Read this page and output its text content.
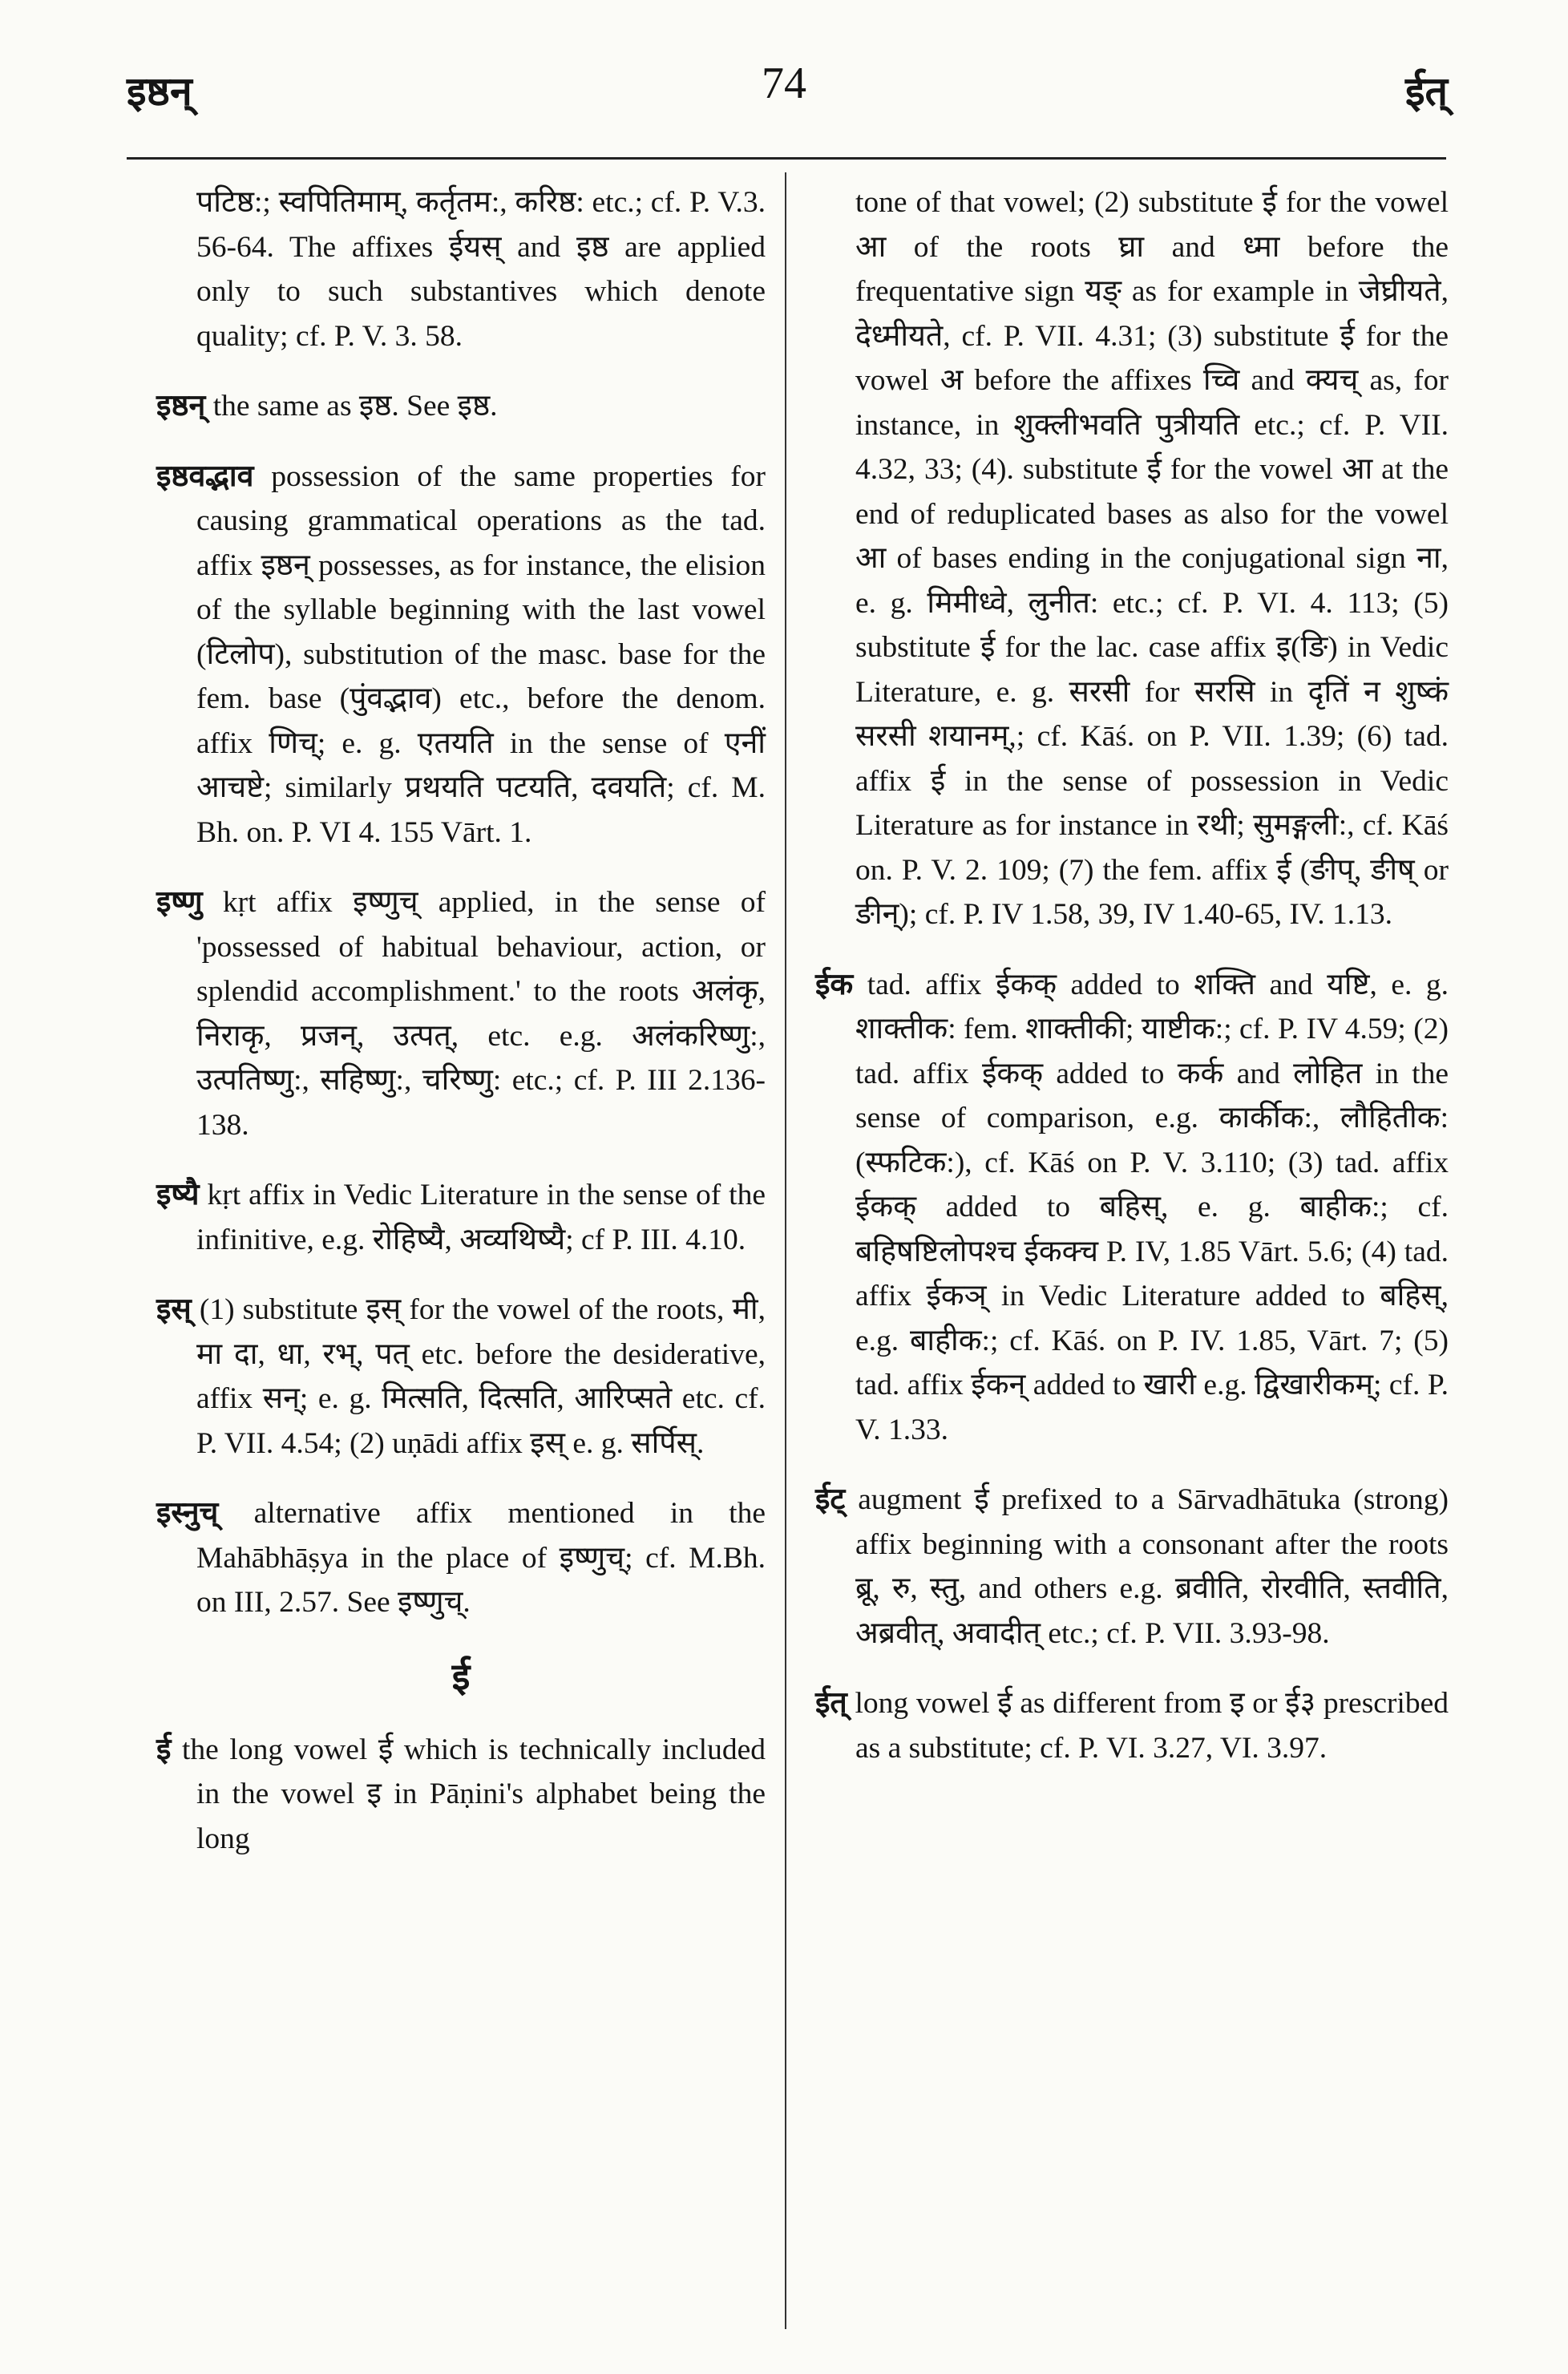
इष्ठन्	74	ईत्

पटिष्ठ:; स्वपितिमाम्, कर्तृतम:, करिष्ठ: etc.; cf. P. V.3. 56-64. The affixes ईयस् and इष्ठ are applied only to such substantives which denote quality; cf. P. V. 3. 58.

इष्ठन् the same as इष्ठ. See इष्ठ.

इष्ठवद्भाव possession of the same properties for causing grammatical operations as the tad. affix इष्ठन् possesses, as for instance, the elision of the syllable beginning with the last vowel (टिलोप), substitution of the masc. base for the fem. base (पुंवद्भाव) etc., before the denom. affix णिच्; e. g. एतयति in the sense of एनीं आचष्टे; similarly प्रथयति पटयति, दवयति; cf. M. Bh. on. P. VI 4. 155 Vārt. 1.

इष्णु kṛt affix इष्णुच् applied, in the sense of 'possessed of habitual behaviour, action, or splendid accomplishment.' to the roots अलंकृ, निराकृ, प्रजन्, उत्पत्, etc. e.g. अलंकरिष्णु:, उत्पतिष्णु:, सहिष्णु:, चरिष्णु: etc.; cf. P. III 2.136-138.

इष्यै kṛt affix in Vedic Literature in the sense of the infinitive, e.g. रोहिष्यै, अव्यथिष्यै; cf P. III. 4.10.

इस् (1) substitute इस् for the vowel of the roots, मी, मा दा, धा, रभ्, पत् etc. before the desiderative, affix सन्; e. g. मित्सति, दित्सति, आरिप्सते etc. cf. P. VII. 4.54; (2) uṇādi affix इस् e. g. सर्पिस्.

इस्नुच् alternative affix mentioned in the Mahābhāṣya in the place of इष्णुच्; cf. M.Bh. on III, 2.57. See इष्णुच्.

ई

ई the long vowel ई which is technically included in the vowel इ in Pāṇini's alphabet being the long

tone of that vowel; (2) substitute ई for the vowel आ of the roots घ्रा and ध्मा before the frequentative sign यङ् as for example in जेघ्रीयते, देध्मीयते, cf. P. VII. 4.31; (3) substitute ई for the vowel अ before the affixes च्वि and क्यच् as, for instance, in शुक्लीभवति पुत्रीयति etc.; cf. P. VII. 4.32, 33; (4). substitute ई for the vowel आ at the end of reduplicated bases as also for the vowel आ of bases ending in the conjugational sign ना, e. g. मिमीध्वे, लुनीत: etc.; cf. P. VI. 4. 113; (5) substitute ई for the lac. case affix इ(ङि) in Vedic Literature, e. g. सरसी for सरसि in दृतिं न शुष्कं सरसी शयानम्,; cf. Kāś. on P. VII. 1.39; (6) tad. affix ई in the sense of possession in Vedic Literature as for instance in रथी; सुमङ्गली:, cf. Kāś on. P. V. 2. 109; (7) the fem. affix ई (ङीप्, ङीष् or ङीन्); cf. P. IV 1.58, 39, IV 1.40-65, IV. 1.13.

ईक tad. affix ईकक् added to शक्ति and यष्टि, e. g. शाक्तीक: fem. शाक्तीकी; याष्टीक:; cf. P. IV 4.59; (2) tad. affix ईकक् added to कर्क and लोहित in the sense of comparison, e.g. कार्कीक:, लौहितीक: (स्फटिक:), cf. Kāś on P. V. 3.110; (3) tad. affix ईकक् added to बहिस्, e. g. बाहीक:; cf. बहिषष्टिलोपश्च ईकक्च P. IV, 1.85 Vārt. 5.6; (4) tad. affix ईकञ् in Vedic Literature added to बहिस्, e.g. बाहीक:; cf. Kāś. on P. IV. 1.85, Vārt. 7; (5) tad. affix ईकन् added to खारी e.g. द्विखारीकम्; cf. P. V. 1.33.

ईट् augment ई prefixed to a Sārvadhātuka (strong) affix beginning with a consonant after the roots ब्रू, रु, स्तु, and others e.g. ब्रवीति, रोरवीति, स्तवीति, अब्रवीत्, अवादीत् etc.; cf. P. VII. 3.93-98.

ईत् long vowel ई as different from इ or ई३ prescribed as a substitute; cf. P. VI. 3.27, VI. 3.97.
